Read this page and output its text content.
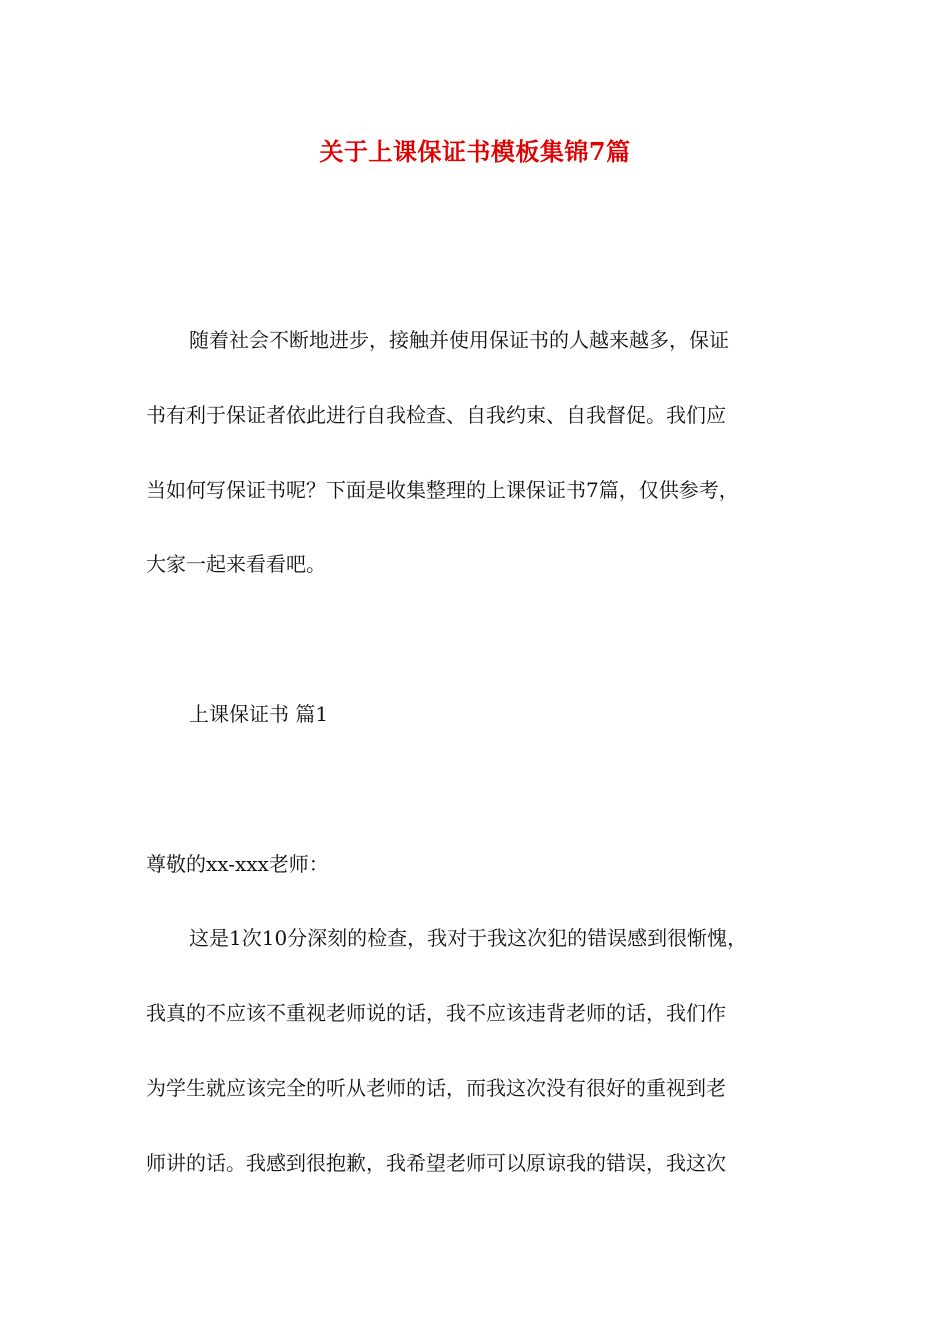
关于上课保证书模板集锦7篇
随着社会不断地进步，接触并使用保证书的人越来越多，保证
书有利于保证者依此进行自我检查、自我约束、自我督促。我们应
当如何写保证书呢？下面是收集整理的上课保证书7篇，仅供参考，
大家一起来看看吧。
上课保证书 篇1
尊敬的xx-xxx老师：
这是1次10分深刻的检查，我对于我这次犯的错误感到很惭愧，
我真的不应该不重视老师说的话，我不应该违背老师的话，我们作
为学生就应该完全的听从老师的话，而我这次没有很好的重视到老
师讲的话。我感到很抱歉，我希望老师可以原谅我的错误，我这次
